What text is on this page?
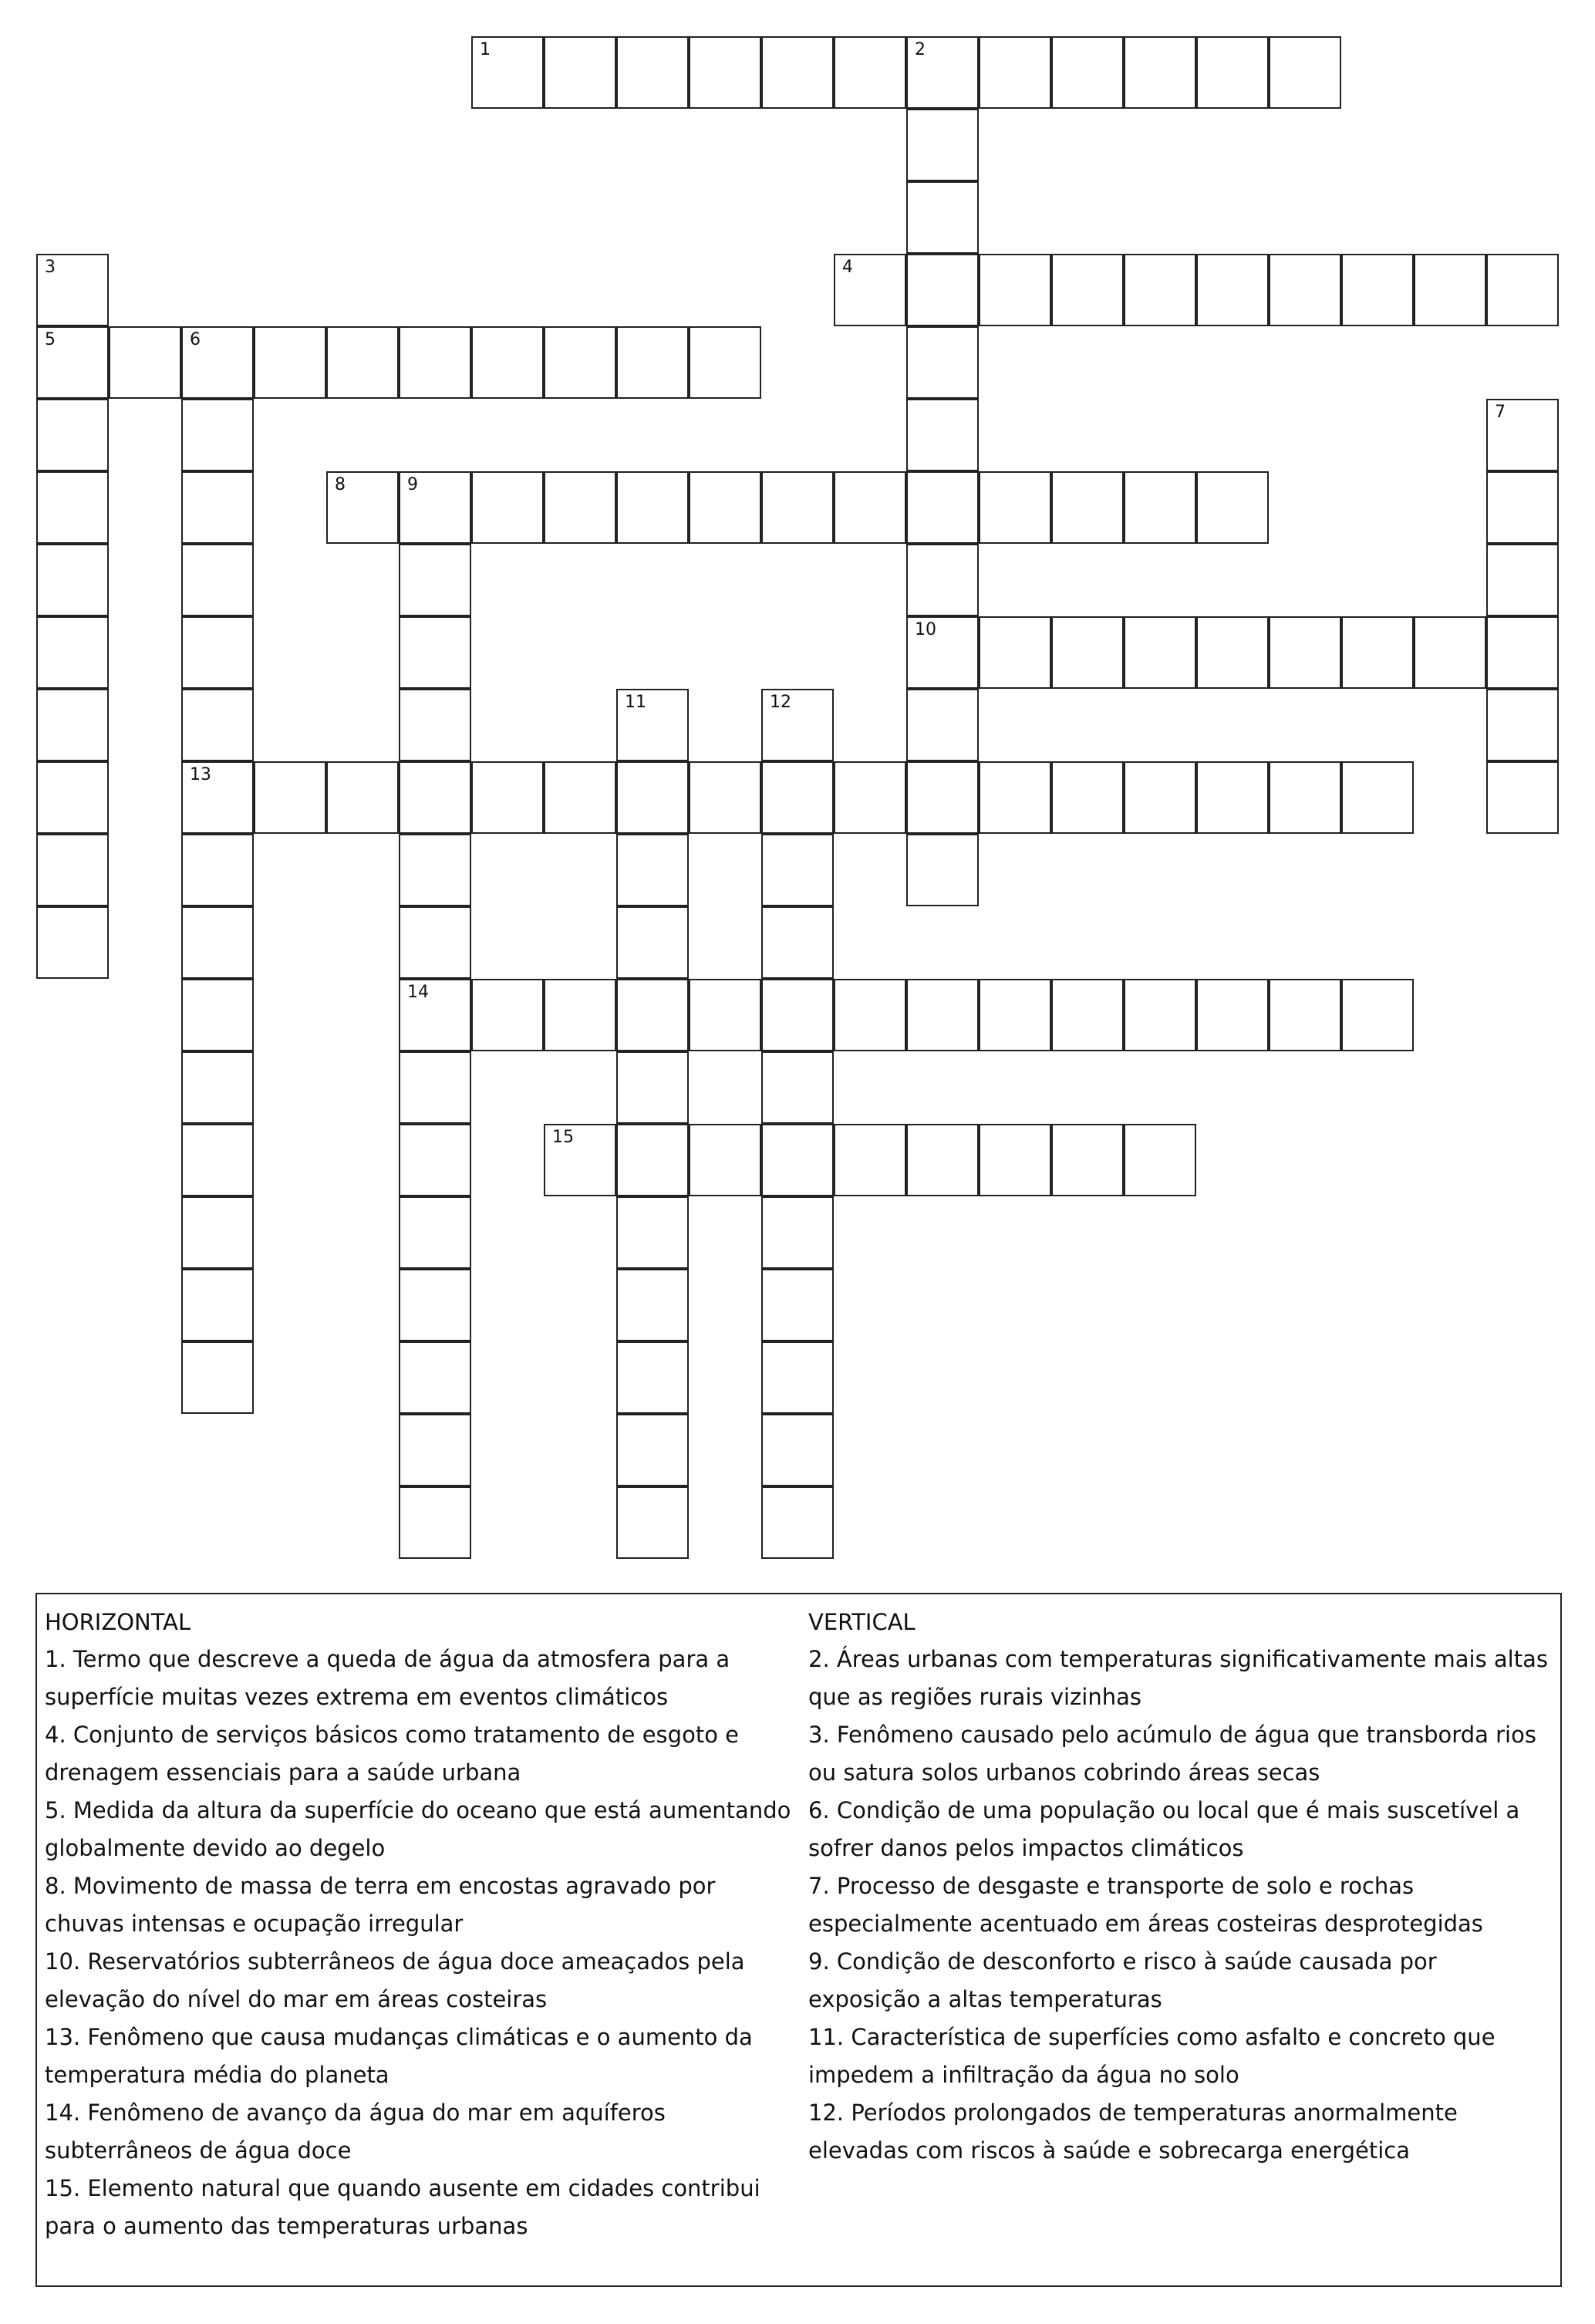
1	2
10
3
5
4
6
13
7
8	9
14
11	12
15
HORIZONTAL
1. Termo que descreve a queda de água da atmosfera para a superfície muitas vezes extrema em eventos climáticos
4. Conjunto de serviços básicos como tratamento de esgoto e drenagem essenciais para a saúde urbana
5. Medida da altura da superfície do oceano que está aumentando globalmente devido ao degelo
8. Movimento de massa de terra em encostas agravado por chuvas intensas e ocupação irregular
10. Reservatórios subterrâneos de água doce ameaçados pela elevação do nível do mar em áreas costeiras
13. Fenômeno que causa mudanças climáticas e o aumento da temperatura média do planeta
14. Fenômeno de avanço da água do mar em aquíferos subterrâneos de água doce
15. Elemento natural que quando ausente em cidades contribui para o aumento das temperaturas urbanas
VERTICAL
2. Áreas urbanas com temperaturas significativamente mais altas que as regiões rurais vizinhas
3. Fenômeno causado pelo acúmulo de água que transborda rios ou satura solos urbanos cobrindo áreas secas
6. Condição de uma população ou local que é mais suscetível a sofrer danos pelos impactos climáticos
7. Processo de desgaste e transporte de solo e rochas especialmente acentuado em áreas costeiras desprotegidas
9. Condição de desconforto e risco à saúde causada por exposição a altas temperaturas
11. Característica de superfícies como asfalto e concreto que impedem a infiltração da água no solo
12. Períodos prolongados de temperaturas anormalmente elevadas com riscos à saúde e sobrecarga energética
